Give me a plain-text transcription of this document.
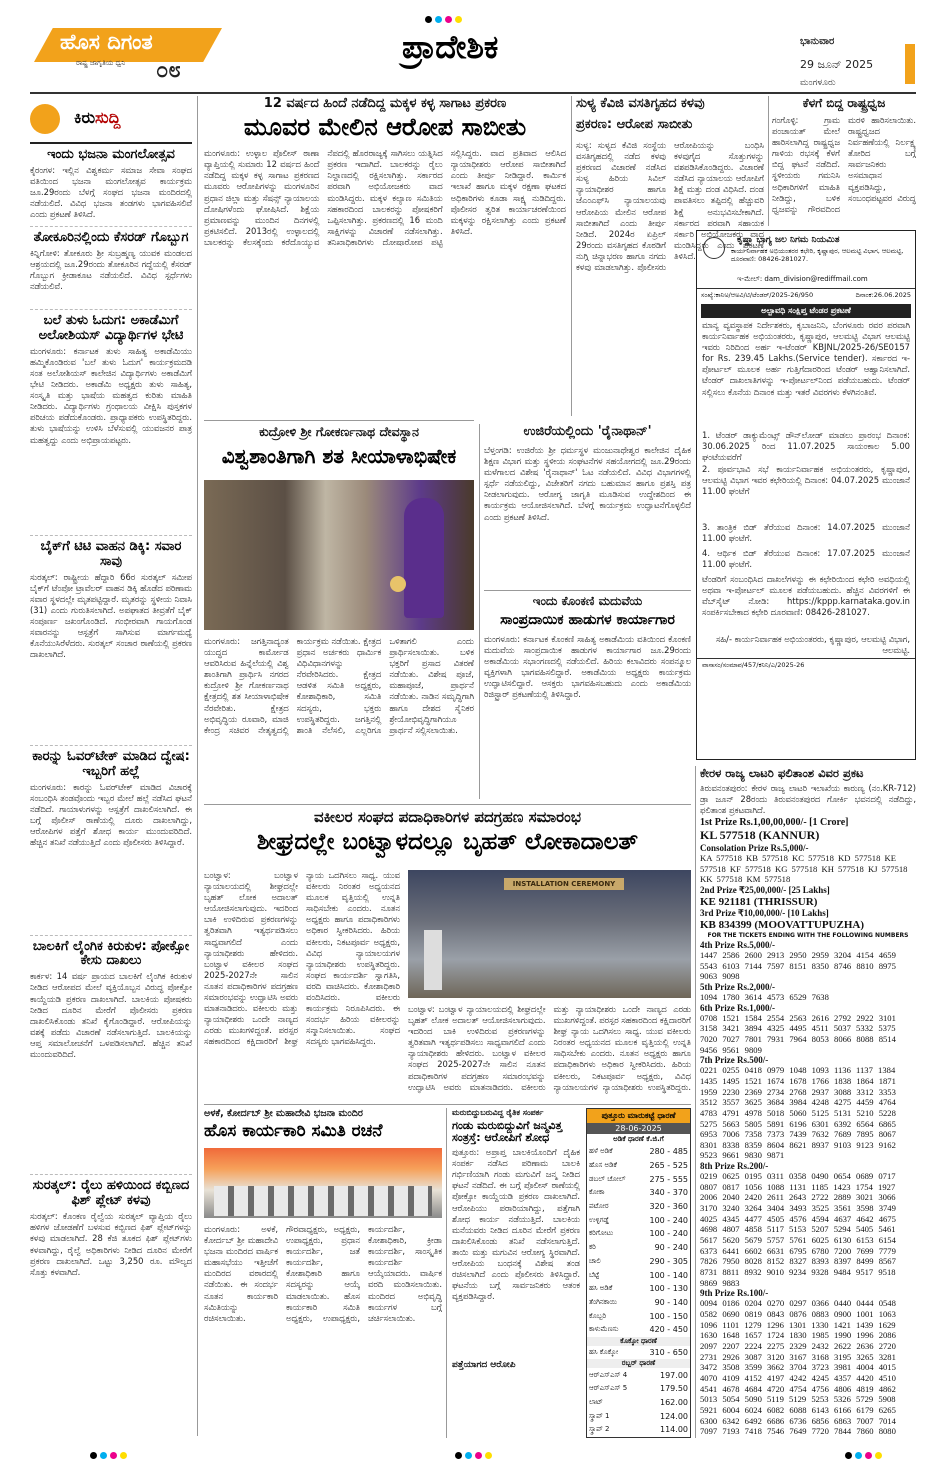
ಹೊಸ ದಿಗಂತ
ರಾಷ್ಟ್ರ ಜಾಗೃತಿಯ ಧ್ವನಿ ೦೮
ಪ್ರಾದೇಶಿಕ	ಭಾನುವಾರ
29 ಜೂನ್ 2025
ಮಂಗಳೂರು
ಕಿರುಸುದ್ದಿ
ಇಂದು ಭಜನಾ ಮಂಗಲೋತ್ಸವ
ಕೈರಂಗಳ: ಇಲ್ಲಿನ ವಿಶ್ವಕರ್ಮ ಸಮಾಜ ಸೇವಾ ಸಂಘದ ವತಿಯಿಂದ ಭಜನಾ ಮಂಗಲೋತ್ಸವ ಕಾರ್ಯಕ್ರಮ ಜೂ.29ರಂದು ಬೆಳಗ್ಗೆ ಸಂಘದ ಭಜನಾ ಮಂದಿರದಲ್ಲಿ ನಡೆಯಲಿದೆ. ವಿವಿಧ ಭಜನಾ ತಂಡಗಳು ಭಾಗವಹಿಸಲಿವೆ ಎಂದು ಪ್ರಕಟಣೆ ತಿಳಿಸಿದೆ.
ತೋಕೂರಿನಲ್ಲಿಂದು ಕೆಸರಡ್ ಗೊಬ್ಬುಗ
ಕಿನ್ನಿಗೋಳಿ: ತೋಕೂರು ಶ್ರೀ ಸುಬ್ರಹ್ಮಣ್ಯ ಯುವಕ ಮಂಡಲದ ಆಶ್ರಯದಲ್ಲಿ ಜೂ.29ರಂದು ತೋಕೂರಿನ ಗದ್ದೆಯಲ್ಲಿ ಕೆಸರಡ್ ಗೊಬ್ಬುಗ ಕ್ರೀಡಾಕೂಟ ನಡೆಯಲಿದೆ. ವಿವಿಧ ಸ್ಪರ್ಧೆಗಳು ನಡೆಯಲಿವೆ.
ಬಲೆ ತುಳು ಓದುಗ: ಅಕಾಡೆಮಿಗೆ ಅಲೋಶಿಯಸ್ ವಿದ್ಯಾರ್ಥಿಗಳ ಭೇಟಿ
ಮಂಗಳೂರು: ಕರ್ನಾಟಕ ತುಳು ಸಾಹಿತ್ಯ ಅಕಾಡೆಮಿಯು ಹಮ್ಮಿಕೊಂಡಿರುವ 'ಬಲೆ ತುಳು ಓದುಗ' ಕಾರ್ಯಕ್ರಮದಡಿ ಸಂತ ಅಲೋಶಿಯಸ್ ಕಾಲೇಜಿನ ವಿದ್ಯಾರ್ಥಿಗಳು ಅಕಾಡೆಮಿಗೆ ಭೇಟಿ ನೀಡಿದರು. ಅಕಾಡೆಮಿ ಅಧ್ಯಕ್ಷರು ತುಳು ಸಾಹಿತ್ಯ, ಸಂಸ್ಕೃತಿ ಮತ್ತು ಭಾಷೆಯ ಮಹತ್ವದ ಕುರಿತು ಮಾಹಿತಿ ನೀಡಿದರು. ವಿದ್ಯಾರ್ಥಿಗಳು ಗ್ರಂಥಾಲಯ ವೀಕ್ಷಿಸಿ ಪುಸ್ತಕಗಳ ಪರಿಚಯ ಪಡೆದುಕೊಂಡರು. ಪ್ರಾಧ್ಯಾಪಕರು ಉಪಸ್ಥಿತರಿದ್ದರು. ತುಳು ಭಾಷೆಯನ್ನು ಉಳಿಸಿ ಬೆಳೆಸುವಲ್ಲಿ ಯುವಜನರ ಪಾತ್ರ ಮಹತ್ವದ್ದು ಎಂದು ಅಭಿಪ್ರಾಯಪಟ್ಟರು.
ಬೈಕ್‌ಗೆ ಟಿಟಿ ವಾಹನ ಡಿಕ್ಕಿ: ಸವಾರ ಸಾವು
ಸುರತ್ಕಲ್: ರಾಷ್ಟ್ರೀಯ ಹೆದ್ದಾರಿ 66ರ ಸುರತ್ಕಲ್ ಸಮೀಪ ಬೈಕ್‌ಗೆ ಟೆಂಪೋ ಟ್ರಾವೆಲರ್ ವಾಹನ ಡಿಕ್ಕಿ ಹೊಡೆದ ಪರಿಣಾಮ ಸವಾರ ಸ್ಥಳದಲ್ಲೇ ಮೃತಪಟ್ಟಿದ್ದಾರೆ. ಮೃತರನ್ನು ಸ್ಥಳೀಯ ನಿವಾಸಿ (31) ಎಂದು ಗುರುತಿಸಲಾಗಿದೆ. ಅಪಘಾತದ ತೀವ್ರತೆಗೆ ಬೈಕ್ ಸಂಪೂರ್ಣ ಜಖಂಗೊಂಡಿದೆ. ಗಂಭೀರವಾಗಿ ಗಾಯಗೊಂಡ ಸವಾರನನ್ನು ಆಸ್ಪತ್ರೆಗೆ ಸಾಗಿಸುವ ಮಾರ್ಗಮಧ್ಯೆ ಕೊನೆಯುಸಿರೆಳೆದರು. ಸುರತ್ಕಲ್ ಸಂಚಾರ ಠಾಣೆಯಲ್ಲಿ ಪ್ರಕರಣ ದಾಖಲಾಗಿದೆ.
ಕಾರನ್ನು ಓವರ್‌ಟೇಕ್ ಮಾಡಿದ ದ್ವೇಷ: ಇಬ್ಬರಿಗೆ ಹಲ್ಲೆ
ಮಂಗಳೂರು: ಕಾರನ್ನು ಓವರ್‌ಟೇಕ್ ಮಾಡಿದ ವಿಚಾರಕ್ಕೆ ಸಂಬಂಧಿಸಿ ತಂಡವೊಂದು ಇಬ್ಬರ ಮೇಲೆ ಹಲ್ಲೆ ನಡೆಸಿದ ಘಟನೆ ನಡೆದಿದೆ. ಗಾಯಾಳುಗಳನ್ನು ಆಸ್ಪತ್ರೆಗೆ ದಾಖಲಿಸಲಾಗಿದೆ. ಈ ಬಗ್ಗೆ ಪೊಲೀಸ್ ಠಾಣೆಯಲ್ಲಿ ದೂರು ದಾಖಲಾಗಿದ್ದು, ಆರೋಪಿಗಳ ಪತ್ತೆಗೆ ಶೋಧ ಕಾರ್ಯ ಮುಂದುವರಿದಿದೆ. ಹೆಚ್ಚಿನ ತನಿಖೆ ನಡೆಯುತ್ತಿದೆ ಎಂದು ಪೊಲೀಸರು ತಿಳಿಸಿದ್ದಾರೆ.
ಬಾಲಕಿಗೆ ಲೈಂಗಿಕ ಕಿರುಕುಳ: ಪೋಕ್ಸೋ ಕೇಸು ದಾಖಲು
ಕಾರ್ಕಳ: 14 ವರ್ಷ ಪ್ರಾಯದ ಬಾಲಕಿಗೆ ಲೈಂಗಿಕ ಕಿರುಕುಳ ನೀಡಿದ ಆರೋಪದ ಮೇಲೆ ವ್ಯಕ್ತಿಯೊಬ್ಬನ ವಿರುದ್ಧ ಪೋಕ್ಸೋ ಕಾಯ್ದೆಯಡಿ ಪ್ರಕರಣ ದಾಖಲಾಗಿದೆ. ಬಾಲಕಿಯ ಪೋಷಕರು ನೀಡಿದ ದೂರಿನ ಮೇರೆಗೆ ಪೊಲೀಸರು ಪ್ರಕರಣ ದಾಖಲಿಸಿಕೊಂಡು ತನಿಖೆ ಕೈಗೊಂಡಿದ್ದಾರೆ. ಆರೋಪಿಯನ್ನು ವಶಕ್ಕೆ ಪಡೆದು ವಿಚಾರಣೆ ನಡೆಸಲಾಗುತ್ತಿದೆ. ಬಾಲಕಿಯನ್ನು ಆಪ್ತ ಸಮಾಲೋಚನೆಗೆ ಒಳಪಡಿಸಲಾಗಿದೆ. ಹೆಚ್ಚಿನ ತನಿಖೆ ಮುಂದುವರಿದಿದೆ.
ಸುರತ್ಕಲ್: ರೈಲು ಹಳಿಯಿಂದ ಕಬ್ಬಿಣದ ಫಿಶ್ ಪ್ಲೇಟ್ ಕಳವು
ಸುರತ್ಕಲ್: ಕೊಂಕಣ ರೈಲ್ವೆಯ ಸುರತ್ಕಲ್ ವ್ಯಾಪ್ತಿಯ ರೈಲು ಹಳಿಗಳ ಜೋಡಣೆಗೆ ಬಳಸುವ ಕಬ್ಬಿಣದ ಫಿಶ್ ಪ್ಲೇಟ್‌ಗಳನ್ನು ಕಳವು ಮಾಡಲಾಗಿದೆ. 28 ಕೆಜಿ ತೂಕದ ಫಿಶ್ ಪ್ಲೇಟ್‌ಗಳು ಕಳವಾಗಿದ್ದು, ರೈಲ್ವೆ ಅಧಿಕಾರಿಗಳು ನೀಡಿದ ದೂರಿನ ಮೇರೆಗೆ ಪ್ರಕರಣ ದಾಖಲಾಗಿದೆ. ಒಟ್ಟು 3,250 ರೂ. ಮೌಲ್ಯದ ಸೊತ್ತು ಕಳವಾಗಿದೆ.
12 ವರ್ಷದ ಹಿಂದೆ ನಡೆದಿದ್ದ ಮಕ್ಕಳ ಕಳ್ಳ ಸಾಗಾಟ ಪ್ರಕರಣ
ಮೂವರ ಮೇಲಿನ ಆರೋಪ ಸಾಬೀತು
ಮಂಗಳೂರು: ಉಳ್ಳಾಲ ಪೊಲೀಸ್ ಠಾಣಾ ವ್ಯಾಪ್ತಿಯಲ್ಲಿ ಸುಮಾರು 12 ವರ್ಷದ ಹಿಂದೆ ನಡೆದಿದ್ದ ಮಕ್ಕಳ ಕಳ್ಳ ಸಾಗಾಟ ಪ್ರಕರಣದ ಮೂವರು ಆರೋಪಿಗಳನ್ನು ಮಂಗಳೂರಿನ ಪ್ರಧಾನ ಜಿಲ್ಲಾ ಮತ್ತು ಸೆಷನ್ಸ್ ನ್ಯಾಯಾಲಯ ದೋಷಿಗಳೆಂದು ಘೋಷಿಸಿದೆ. ಶಿಕ್ಷೆಯ ಪ್ರಮಾಣವನ್ನು ಮುಂದಿನ ದಿನಗಳಲ್ಲಿ ಪ್ರಕಟಿಸಲಿದೆ. 2013ರಲ್ಲಿ ಉಳ್ಳಾಲದಲ್ಲಿ ಬಾಲಕರನ್ನು ಕೆಲಸಕ್ಕೆಂದು ಕರೆದೊಯ್ಯುವ ನೆಪದಲ್ಲಿ ಹೊರರಾಜ್ಯಕ್ಕೆ ಸಾಗಿಸಲು ಯತ್ನಿಸಿದ ಪ್ರಕರಣ ಇದಾಗಿದೆ. ಬಾಲಕರನ್ನು ರೈಲು ನಿಲ್ದಾಣದಲ್ಲಿ ರಕ್ಷಿಸಲಾಗಿತ್ತು. ಸರ್ಕಾರದ ಪರವಾಗಿ ಅಭಿಯೋಜಕರು ವಾದ ಮಂಡಿಸಿದ್ದರು. ಮಕ್ಕಳ ಕಲ್ಯಾಣ ಸಮಿತಿಯ ಸಹಕಾರದಿಂದ ಬಾಲಕರನ್ನು ಪೋಷಕರಿಗೆ ಒಪ್ಪಿಸಲಾಗಿತ್ತು. ಪ್ರಕರಣದಲ್ಲಿ 16 ಮಂದಿ ಸಾಕ್ಷಿಗಳನ್ನು ವಿಚಾರಣೆ ನಡೆಸಲಾಗಿತ್ತು. ತನಿಖಾಧಿಕಾರಿಗಳು ದೋಷಾರೋಪ ಪಟ್ಟಿ ಸಲ್ಲಿಸಿದ್ದರು. ವಾದ ಪ್ರತಿವಾದ ಆಲಿಸಿದ ನ್ಯಾಯಾಧೀಶರು ಆರೋಪ ಸಾಬೀತಾಗಿದೆ ಎಂದು ತೀರ್ಪು ನೀಡಿದ್ದಾರೆ. ಕಾರ್ಮಿಕ ಇಲಾಖೆ ಹಾಗೂ ಮಕ್ಕಳ ರಕ್ಷಣಾ ಘಟಕದ ಅಧಿಕಾರಿಗಳು ಕೂಡಾ ಸಾಕ್ಷ್ಯ ನುಡಿದಿದ್ದರು. ಪೊಲೀಸರ ತ್ವರಿತ ಕಾರ್ಯಾಚರಣೆಯಿಂದ ಮಕ್ಕಳನ್ನು ರಕ್ಷಿಸಲಾಗಿತ್ತು ಎಂದು ಪ್ರಕಟಣೆ ತಿಳಿಸಿದೆ.
ಸುಳ್ಯ ಕೆವಿಜಿ ವಸತಿಗೃಹದ ಕಳವು
ಪ್ರಕರಣ: ಆರೋಪ ಸಾಬೀತು
ಸುಳ್ಯ: ಸುಳ್ಯದ ಕೆವಿಜಿ ಸಂಸ್ಥೆಯ ವಸತಿಗೃಹದಲ್ಲಿ ನಡೆದ ಕಳವು ಪ್ರಕರಣದ ವಿಚಾರಣೆ ನಡೆಸಿದ ಸುಳ್ಯ ಹಿರಿಯ ಸಿವಿಲ್ ನ್ಯಾಯಾಧೀಶರ ಹಾಗೂ ಜೆಎಂಎಫ್‌ಸಿ ನ್ಯಾಯಾಲಯವು ಆರೋಪಿಯ ಮೇಲಿನ ಆರೋಪ ಸಾಬೀತಾಗಿದೆ ಎಂದು ತೀರ್ಪು ನೀಡಿದೆ. 2024ರ ಏಪ್ರಿಲ್ 29ರಂದು ವಸತಿಗೃಹದ ಕೊಠಡಿಗೆ ನುಗ್ಗಿ ಚಿನ್ನಾಭರಣ ಹಾಗೂ ನಗದು ಕಳವು ಮಾಡಲಾಗಿತ್ತು. ಪೊಲೀಸರು ಆರೋಪಿಯನ್ನು ಬಂಧಿಸಿ ಕಳವುಗೈದ ಸೊತ್ತುಗಳನ್ನು ವಶಪಡಿಸಿಕೊಂಡಿದ್ದರು. ವಿಚಾರಣೆ ನಡೆಸಿದ ನ್ಯಾಯಾಲಯ ಆರೋಪಿಗೆ ಶಿಕ್ಷೆ ಮತ್ತು ದಂಡ ವಿಧಿಸಿದೆ. ದಂಡ ಪಾವತಿಸಲು ತಪ್ಪಿದಲ್ಲಿ ಹೆಚ್ಚುವರಿ ಶಿಕ್ಷೆ ಅನುಭವಿಸಬೇಕಾಗಿದೆ. ಸರ್ಕಾರದ ಪರವಾಗಿ ಸಹಾಯಕ ಸರ್ಕಾರಿ ಅಭಿಯೋಜಕರು ವಾದ ಮಂಡಿಸಿದ್ದರು ಎಂದು ಪ್ರಕಟಣೆ ತಿಳಿಸಿದೆ.
ಕೆಳಗೆ ಬಿದ್ದ ರಾಷ್ಟ್ರಧ್ವಜ
ಗಂಗೊಳ್ಳಿ: ಗ್ರಾಮ ಪಂಚಾಯತ್ ಮೇಲೆ ಹಾರಿಸಲಾಗಿದ್ದ ರಾಷ್ಟ್ರಧ್ವಜ ಗಾಳಿಯ ರಭಸಕ್ಕೆ ಕೆಳಗೆ ಬಿದ್ದ ಘಟನೆ ನಡೆದಿದೆ. ಸ್ಥಳೀಯರು ಗಮನಿಸಿ ಅಧಿಕಾರಿಗಳಿಗೆ ಮಾಹಿತಿ ನೀಡಿದ್ದು, ಬಳಿಕ ಧ್ವಜವನ್ನು ಗೌರವದಿಂದ ಮರಳಿ ಹಾರಿಸಲಾಯಿತು. ರಾಷ್ಟ್ರಧ್ವಜದ ನಿರ್ವಹಣೆಯಲ್ಲಿ ನಿರ್ಲಕ್ಷ್ಯ ತೋರಿದ ಬಗ್ಗೆ ಸಾರ್ವಜನಿಕರು ಅಸಮಾಧಾನ ವ್ಯಕ್ತಪಡಿಸಿದ್ದು, ಸಂಬಂಧಪಟ್ಟವರ ವಿರುದ್ಧ
ಕೃಷ್ಣಾ ಭಾಗ್ಯ ಜಲ ನಿಗಮ ನಿಯಮಿತ
ಕಾರ್ಯನಿರ್ವಾಹಕ ಅಭಿಯಂತರರ ಕಛೇರಿ, ಕೃಷ್ಣಾಪುರ, ಆಲಮಟ್ಟಿ ವಿಭಾಗ, ಆಲಮಟ್ಟಿ, ದೂರವಾಣಿ: 08426-281027.
ಇ-ಮೇಲ್: dam_division@rediffmail.com
ಸಂಖ್ಯೆ:ಕಾನಿಅ/ಆಅವಿ/ಟಿ/ಟೆಂಡರ್/2025-26/950	ದಿನಾಂಕ:26.06.2025
ಅಲ್ಪಾವಧಿ ಸಂಕ್ಷಿಪ್ತ ಟೆಂಡರ ಪ್ರಕಟಣೆ
ಮಾನ್ಯ ವ್ಯವಸ್ಥಾಪಕ ನಿರ್ದೇಶಕರು, ಕೃಬಾಜನಿನಿ, ಬೆಂಗಳೂರು ರವರ ಪರವಾಗಿ ಕಾರ್ಯನಿರ್ವಾಹಕ ಅಭಿಯಂತರರು, ಕೃಷ್ಣಾಪುರ, ಆಲಮಟ್ಟಿ ವಿಭಾಗ ಆಲಮಟ್ಟಿ ಇವರು ನಿರಿದಿಂದ ಅರ್ಹ ಇ-ಟೆಂಡರ್ KBJNL/2025-26/SE0157 for Rs. 239.45 Lakhs.(Service tender). ಸರ್ಕಾರದ ಇ-ಪೋರ್ಟಲ್ ಮೂಲಕ ಅರ್ಹ ಗುತ್ತಿಗೆದಾರರಿಂದ ಟೆಂಡರ್ ಆಹ್ವಾನಿಸಲಾಗಿದೆ. ಟೆಂಡರ್ ದಾಖಲಾತಿಗಳನ್ನು ಇ-ಪೋರ್ಟಲ್‌ನಿಂದ ಪಡೆಯಬಹುದು. ಟೆಂಡರ್ ಸಲ್ಲಿಸಲು ಕೊನೆಯ ದಿನಾಂಕ ಮತ್ತು ಇತರೆ ವಿವರಗಳು ಕೆಳಗಿನಂತಿವೆ.
1. ಟೆಂಡರ್ ಡಾಕ್ಯುಮೆಂಟ್ಸ್ ಡೌನ್‌ಲೋಡ್ ಮಾಡಲು ಪ್ರಾರಂಭ ದಿನಾಂಕ: 30.06.2025 ರಿಂದ 11.07.2025 ಸಾಯಂಕಾಲ 5.00 ಘಂಟೆಯವರೆಗೆ
2. ಪೂರ್ವಭಾವಿ ಸಭೆ ಕಾರ್ಯನಿರ್ವಾಹಕ ಅಭಿಯಂತರರು, ಕೃಷ್ಣಾಪುರ, ಆಲಮಟ್ಟಿ ವಿಭಾಗ ಇವರ ಕಛೇರಿಯಲ್ಲಿ ದಿನಾಂಕ: 04.07.2025 ಮುಂಜಾನೆ 11.00 ಘಂಟೆಗೆ
3. ತಾಂತ್ರಿಕ ಬಿಡ್ ತೆರೆಯುವ ದಿನಾಂಕ: 14.07.2025 ಮುಂಜಾನೆ 11.00 ಘಂಟೆಗೆ.
4. ಆರ್ಥಿಕ ಬಿಡ್ ತೆರೆಯುವ ದಿನಾಂಕ: 17.07.2025 ಮುಂಜಾನೆ 11.00 ಘಂಟೆಗೆ.
ಟೆಂಡರಿಗೆ ಸಂಬಂಧಿಸಿದ ದಾಖಲೆಗಳನ್ನು ಈ ಕಛೇರಿಯಿಂದ ಕಛೇರಿ ಅವಧಿಯಲ್ಲಿ ಅಥವಾ ಇ-ಪೋರ್ಟಲ್ ಮೂಲಕ ಪಡೆಯಬಹುದು. ಹೆಚ್ಚಿನ ವಿವರಗಳಿಗೆ ಈ ವೆಬ್‌ಸೈಟ್ ನೋಡಿ: https://kppp.karnataka.gov.in ಸಂಪರ್ಕಿಸಬೇಕಾದ ಕಛೇರಿ ದೂರವಾಣಿ: 08426-281027.
ಸಹಿ/- ಕಾರ್ಯನಿರ್ವಾಹಕ ಅಭಿಯಂತರರು, ಕೃಷ್ಣಾಪುರ, ಆಲಮಟ್ಟಿ ವಿಭಾಗ, ಆಲಮಟ್ಟಿ.
ವಾಸಾಸಂ/ಸಂಮಾಪ/457/ಕನಿನಿ/ಎ/2025-26
ಕುದ್ರೋಳಿ ಶ್ರೀ ಗೋಕರ್ಣನಾಥ ದೇವಸ್ಥಾನ
ವಿಶ್ವಶಾಂತಿಗಾಗಿ ಶತ ಸೀಯಾಳಾಭಿಷೇಕ
ಮಂಗಳೂರು: ಜಗತ್ತಿನಾದ್ಯಂತ ಯುದ್ಧದ ಕಾರ್ಮೋಡ ಆವರಿಸಿರುವ ಹಿನ್ನೆಲೆಯಲ್ಲಿ ವಿಶ್ವ ಶಾಂತಿಗಾಗಿ ಪ್ರಾರ್ಥಿಸಿ ನಗರದ ಕುದ್ರೋಳಿ ಶ್ರೀ ಗೋಕರ್ಣನಾಥ ಕ್ಷೇತ್ರದಲ್ಲಿ ಶತ ಸೀಯಾಳಾಭಿಷೇಕ ನೆರವೇರಿತು. ಕ್ಷೇತ್ರದ ಅಭಿವೃದ್ಧಿಯ ರೂವಾರಿ, ಮಾಜಿ ಕೇಂದ್ರ ಸಚಿವರ ನೇತೃತ್ವದಲ್ಲಿ ಕಾರ್ಯಕ್ರಮ ನಡೆಯಿತು. ಕ್ಷೇತ್ರದ ಪ್ರಧಾನ ಅರ್ಚಕರು ಧಾರ್ಮಿಕ ವಿಧಿವಿಧಾನಗಳನ್ನು ನೆರವೇರಿಸಿದರು. ಕ್ಷೇತ್ರದ ಆಡಳಿತ ಸಮಿತಿ ಅಧ್ಯಕ್ಷರು, ಕೋಶಾಧಿಕಾರಿ, ಸಮಿತಿ ಸದಸ್ಯರು, ಭಕ್ತರು ಉಪಸ್ಥಿತರಿದ್ದರು. ಜಗತ್ತಿನಲ್ಲಿ ಶಾಂತಿ ನೆಲೆಸಲಿ, ಎಲ್ಲರಿಗೂ ಒಳಿತಾಗಲಿ ಎಂದು ಪ್ರಾರ್ಥಿಸಲಾಯಿತು. ಬಳಿಕ ಭಕ್ತರಿಗೆ ಪ್ರಸಾದ ವಿತರಣೆ ನಡೆಯಿತು. ವಿಶೇಷ ಪೂಜೆ, ಮಹಾಪೂಜೆ, ಪ್ರಾರ್ಥನೆ ನಡೆಯಿತು. ನಾಡಿನ ಸಮೃದ್ಧಿಗಾಗಿ ಹಾಗೂ ದೇಶದ ಸೈನಿಕರ ಶ್ರೇಯೋಭಿವೃದ್ಧಿಗಾಗಿಯೂ ಪ್ರಾರ್ಥನೆ ಸಲ್ಲಿಸಲಾಯಿತು.
ಉಜಿರೆಯಲ್ಲಿಂದು 'ರೈನಾಥಾನ್'
ಬೆಳ್ತಂಗಡಿ: ಉಜಿರೆಯ ಶ್ರೀ ಧರ್ಮಸ್ಥಳ ಮಂಜುನಾಥೇಶ್ವರ ಕಾಲೇಜಿನ ದೈಹಿಕ ಶಿಕ್ಷಣ ವಿಭಾಗ ಮತ್ತು ಸ್ಥಳೀಯ ಸಂಘಟನೆಗಳ ಸಹಯೋಗದಲ್ಲಿ ಜೂ.29ರಂದು ಮಳೆಗಾಲದ ವಿಶೇಷ 'ರೈನಾಥಾನ್' ಓಟ ನಡೆಯಲಿದೆ. ವಿವಿಧ ವಿಭಾಗಗಳಲ್ಲಿ ಸ್ಪರ್ಧೆ ನಡೆಯಲಿದ್ದು, ವಿಜೇತರಿಗೆ ನಗದು ಬಹುಮಾನ ಹಾಗೂ ಪ್ರಶಸ್ತಿ ಪತ್ರ ನೀಡಲಾಗುವುದು. ಆರೋಗ್ಯ ಜಾಗೃತಿ ಮೂಡಿಸುವ ಉದ್ದೇಶದಿಂದ ಈ ಕಾರ್ಯಕ್ರಮ ಆಯೋಜಿಸಲಾಗಿದೆ. ಬೆಳಗ್ಗೆ ಕಾರ್ಯಕ್ರಮ ಉದ್ಘಾಟನೆಗೊಳ್ಳಲಿದೆ ಎಂದು ಪ್ರಕಟಣೆ ತಿಳಿಸಿದೆ.
ಇಂದು ಕೊಂಕಣಿ ಮದುವೆಯ
ಸಾಂಪ್ರದಾಯಿಕ ಹಾಡುಗಳ ಕಾರ್ಯಾಗಾರ
ಮಂಗಳೂರು: ಕರ್ನಾಟಕ ಕೊಂಕಣಿ ಸಾಹಿತ್ಯ ಅಕಾಡೆಮಿಯ ವತಿಯಿಂದ ಕೊಂಕಣಿ ಮದುವೆಯ ಸಾಂಪ್ರದಾಯಿಕ ಹಾಡುಗಳ ಕಾರ್ಯಾಗಾರ ಜೂ.29ರಂದು ಅಕಾಡೆಮಿಯ ಸಭಾಂಗಣದಲ್ಲಿ ನಡೆಯಲಿದೆ. ಹಿರಿಯ ಕಲಾವಿದರು ಸಂಪನ್ಮೂಲ ವ್ಯಕ್ತಿಗಳಾಗಿ ಭಾಗವಹಿಸಲಿದ್ದಾರೆ. ಅಕಾಡೆಮಿಯ ಅಧ್ಯಕ್ಷರು ಕಾರ್ಯಕ್ರಮ ಉದ್ಘಾಟಿಸಲಿದ್ದಾರೆ. ಆಸಕ್ತರು ಭಾಗವಹಿಸಬಹುದು ಎಂದು ಅಕಾಡೆಮಿಯ ರಿಜಿಸ್ಟ್ರಾರ್ ಪ್ರಕಟಣೆಯಲ್ಲಿ ತಿಳಿಸಿದ್ದಾರೆ.
ವಕೀಲರ ಸಂಘದ ಪದಾಧಿಕಾರಿಗಳ ಪದಗ್ರಹಣ ಸಮಾರಂಭ
ಶೀಘ್ರದಲ್ಲೇ ಬಂಟ್ವಾಳದಲ್ಲೂ ಬೃಹತ್ ಲೋಕಾದಾಲತ್
ಬಂಟ್ವಾಳ: ಬಂಟ್ವಾಳ ನ್ಯಾಯಾಲಯದಲ್ಲಿ ಶೀಘ್ರದಲ್ಲೇ ಬೃಹತ್ ಲೋಕ ಅದಾಲತ್ ಆಯೋಜಿಸಲಾಗುವುದು. ಇದರಿಂದ ಬಾಕಿ ಉಳಿದಿರುವ ಪ್ರಕರಣಗಳನ್ನು ತ್ವರಿತವಾಗಿ ಇತ್ಯರ್ಥಪಡಿಸಲು ಸಾಧ್ಯವಾಗಲಿದೆ ಎಂದು ನ್ಯಾಯಾಧೀಶರು ಹೇಳಿದರು. ಬಂಟ್ವಾಳ ವಕೀಲರ ಸಂಘದ 2025-2027ನೇ ಸಾಲಿನ ನೂತನ ಪದಾಧಿಕಾರಿಗಳ ಪದಗ್ರಹಣ ಸಮಾರಂಭವನ್ನು ಉದ್ಘಾಟಿಸಿ ಅವರು ಮಾತನಾಡಿದರು. ವಕೀಲರು ಮತ್ತು ನ್ಯಾಯಾಧೀಶರು ಒಂದೇ ನಾಣ್ಯದ ಎರಡು ಮುಖಗಳಿದ್ದಂತೆ. ಪರಸ್ಪರ ಸಹಕಾರದಿಂದ ಕಕ್ಷಿದಾರರಿಗೆ ಶೀಘ್ರ ನ್ಯಾಯ ಒದಗಿಸಲು ಸಾಧ್ಯ. ಯುವ ವಕೀಲರು ನಿರಂತರ ಅಧ್ಯಯನದ ಮೂಲಕ ವೃತ್ತಿಯಲ್ಲಿ ಉನ್ನತಿ ಸಾಧಿಸಬೇಕು ಎಂದರು. ನೂತನ ಅಧ್ಯಕ್ಷರು ಹಾಗೂ ಪದಾಧಿಕಾರಿಗಳು ಅಧಿಕಾರ ಸ್ವೀಕರಿಸಿದರು. ಹಿರಿಯ ವಕೀಲರು, ನಿಕಟಪೂರ್ವ ಅಧ್ಯಕ್ಷರು, ವಿವಿಧ ನ್ಯಾಯಾಲಯಗಳ ನ್ಯಾಯಾಧೀಶರು ಉಪಸ್ಥಿತರಿದ್ದರು. ಸಂಘದ ಕಾರ್ಯದರ್ಶಿ ಸ್ವಾಗತಿಸಿ, ವರದಿ ವಾಚಿಸಿದರು. ಕೋಶಾಧಿಕಾರಿ ವಂದಿಸಿದರು. ವಕೀಲರು ಕಾರ್ಯಕ್ರಮ ನಿರೂಪಿಸಿದರು. ಈ ಸಂದರ್ಭ ಹಿರಿಯ ವಕೀಲರನ್ನು ಸನ್ಮಾನಿಸಲಾಯಿತು. ಸಂಘದ ಸದಸ್ಯರು ಭಾಗವಹಿಸಿದ್ದರು.
INSTALLATION CEREMONY
ಬಂಟ್ವಾಳ: ಬಂಟ್ವಾಳ ನ್ಯಾಯಾಲಯದಲ್ಲಿ ಶೀಘ್ರದಲ್ಲೇ ಬೃಹತ್ ಲೋಕ ಅದಾಲತ್ ಆಯೋಜಿಸಲಾಗುವುದು. ಇದರಿಂದ ಬಾಕಿ ಉಳಿದಿರುವ ಪ್ರಕರಣಗಳನ್ನು ತ್ವರಿತವಾಗಿ ಇತ್ಯರ್ಥಪಡಿಸಲು ಸಾಧ್ಯವಾಗಲಿದೆ ಎಂದು ನ್ಯಾಯಾಧೀಶರು ಹೇಳಿದರು. ಬಂಟ್ವಾಳ ವಕೀಲರ ಸಂಘದ 2025-2027ನೇ ಸಾಲಿನ ನೂತನ ಪದಾಧಿಕಾರಿಗಳ ಪದಗ್ರಹಣ ಸಮಾರಂಭವನ್ನು ಉದ್ಘಾಟಿಸಿ ಅವರು ಮಾತನಾಡಿದರು. ವಕೀಲರು ಮತ್ತು ನ್ಯಾಯಾಧೀಶರು ಒಂದೇ ನಾಣ್ಯದ ಎರಡು ಮುಖಗಳಿದ್ದಂತೆ. ಪರಸ್ಪರ ಸಹಕಾರದಿಂದ ಕಕ್ಷಿದಾರರಿಗೆ ಶೀಘ್ರ ನ್ಯಾಯ ಒದಗಿಸಲು ಸಾಧ್ಯ. ಯುವ ವಕೀಲರು ನಿರಂತರ ಅಧ್ಯಯನದ ಮೂಲಕ ವೃತ್ತಿಯಲ್ಲಿ ಉನ್ನತಿ ಸಾಧಿಸಬೇಕು ಎಂದರು. ನೂತನ ಅಧ್ಯಕ್ಷರು ಹಾಗೂ ಪದಾಧಿಕಾರಿಗಳು ಅಧಿಕಾರ ಸ್ವೀಕರಿಸಿದರು. ಹಿರಿಯ ವಕೀಲರು, ನಿಕಟಪೂರ್ವ ಅಧ್ಯಕ್ಷರು, ವಿವಿಧ ನ್ಯಾಯಾಲಯಗಳ ನ್ಯಾಯಾಧೀಶರು ಉಪಸ್ಥಿತರಿದ್ದರು.
ಕೇರಳ ರಾಜ್ಯ ಲಾಟರಿ ಫಲಿತಾಂಶ ವಿವರ ಪ್ರಕಟ
ತಿರುವನಂತಪುರಂ: ಕೇರಳ ರಾಜ್ಯ ಲಾಟರಿ ಇಲಾಖೆಯ ಕಾರುಣ್ಯ (ನಂ.KR-712) ಡ್ರಾ ಜೂನ್ 28ರಂದು ತಿರುವನಂತಪುರದ ಗೋರ್ಕಿ ಭವನದಲ್ಲಿ ನಡೆದಿದ್ದು, ಫಲಿತಾಂಶ ಪ್ರಕಟವಾಗಿದೆ.
1st Prize Rs.1,00,00,000/- [1 Crore]
KL 577518 (KANNUR)
Consolation Prize Rs.5,000/-
KA 577518 KB 577518 KC 577518 KD 577518 KE 577518 KF 577518 KG 577518 KH 577518 KJ 577518 KK 577518 KM 577518
2nd Prize ₹25,00,000/- [25 Lakhs]
KE 921181 (THRISSUR)
3rd Prize ₹10,00,000/- [10 Lakhs]
KB 834399 (MOOVATTUPUZHA)
FOR THE TICKETS ENDING WITH THE FOLLOWING NUMBERS
4th Prize Rs.5,000/-
1447 2586 2600 2913 2950 2959 3204 4154 4659 5543 6103 7144 7597 8151 8350 8746 8810 8975 9063 9098
5th Prize Rs.2,000/-
1094 1780 3614 4573 6529 7638
6th Prize Rs.1,000/-
0708 1521 1584 2554 2563 2616 2792 2922 3101 3158 3421 3894 4325 4495 4511 5037 5332 5375 7020 7027 7801 7931 7964 8053 8066 8088 8514 9456 9561 9809
7th Prize Rs.500/-
0221 0255 0418 0979 1048 1093 1136 1137 1384 1435 1495 1521 1674 1678 1766 1838 1864 1871 1959 2230 2369 2734 2768 2937 3088 3312 3353 3512 3557 3625 3684 3984 4248 4275 4459 4764 4783 4791 4978 5018 5060 5125 5131 5210 5228 5275 5663 5805 5891 6196 6301 6392 6564 6865 6953 7006 7358 7373 7439 7632 7689 7895 8067 8301 8338 8359 8604 8621 8937 9103 9123 9162 9523 9661 9830 9871
8th Prize Rs.200/-
0219 0625 0195 0311 0358 0490 0654 0689 0717 0807 0817 1056 1088 1131 1185 1423 1754 1927 2006 2040 2420 2611 2643 2722 2889 3021 3066 3170 3240 3264 3404 3493 3525 3561 3598 3749 4025 4345 4477 4505 4576 4594 4637 4642 4675 4698 4807 4858 5117 5153 5207 5294 5405 5461 5617 5620 5679 5757 5761 6025 6130 6153 6154 6373 6441 6602 6631 6795 6780 7200 7699 7779 7826 7950 8028 8152 8327 8393 8397 8499 8567 8731 8811 8932 9010 9234 9328 9484 9517 9518 9869 9883
9th Prize Rs.100/-
0094 0186 0204 0270 0297 0366 0440 0444 0548 0582 0690 0819 0843 0876 0883 0900 1001 1063 1096 1101 1279 1296 1301 1330 1421 1439 1629 1630 1648 1657 1724 1830 1985 1990 1996 2086 2097 2207 2224 2275 2329 2432 2622 2636 2720 2731 2926 3087 3120 3167 3168 3195 3265 3281 3472 3508 3599 3662 3704 3723 3981 4004 4015 4070 4109 4152 4197 4242 4245 4357 4420 4510 4541 4678 4684 4720 4754 4756 4806 4819 4862 5013 5054 5090 5119 5129 5253 5326 5729 5908 5921 6004 6024 6082 6088 6143 6166 6179 6265 6300 6342 6492 6686 6736 6856 6863 7007 7014 7097 7193 7418 7546 7649 7720 7844 7860 8080
ಅಳಕೆ, ಕೋರ್ದಬ್ ಶ್ರೀ ಮಹಾದೇವಿ ಭಜನಾ ಮಂದಿರ
ಹೊಸ ಕಾರ್ಯಕಾರಿ ಸಮಿತಿ ರಚನೆ
ಮಂಗಳೂರು: ಅಳಕೆ, ಕೋರ್ದಬ್ ಶ್ರೀ ಮಹಾದೇವಿ ಭಜನಾ ಮಂದಿರದ ವಾರ್ಷಿಕ ಮಹಾಸಭೆಯು ಇತ್ತೀಚೆಗೆ ಮಂದಿರದ ವಠಾರದಲ್ಲಿ ನಡೆಯಿತು. ಈ ಸಂದರ್ಭ ನೂತನ ಕಾರ್ಯಕಾರಿ ಸಮಿತಿಯನ್ನು ರಚಿಸಲಾಯಿತು. ಗೌರವಾಧ್ಯಕ್ಷರು, ಅಧ್ಯಕ್ಷರು, ಉಪಾಧ್ಯಕ್ಷರು, ಪ್ರಧಾನ ಕಾರ್ಯದರ್ಶಿ, ಜತೆ ಕಾರ್ಯದರ್ಶಿ, ಕೋಶಾಧಿಕಾರಿ ಹಾಗೂ ಸದಸ್ಯರನ್ನು ಆಯ್ಕೆ ಮಾಡಲಾಯಿತು. ಹೊಸ ಕಾರ್ಯಕಾರಿ ಸಮಿತಿ ಅಧ್ಯಕ್ಷರು, ಉಪಾಧ್ಯಕ್ಷರು, ಕಾರ್ಯದರ್ಶಿ, ಕೋಶಾಧಿಕಾರಿ, ಕ್ರೀಡಾ ಕಾರ್ಯದರ್ಶಿ, ಸಾಂಸ್ಕೃತಿಕ ಕಾರ್ಯದರ್ಶಿ ಆಯ್ಕೆಯಾದರು. ವಾರ್ಷಿಕ ವರದಿ ಮಂಡಿಸಲಾಯಿತು. ಮಂದಿರದ ಅಭಿವೃದ್ಧಿ ಕಾರ್ಯಗಳ ಬಗ್ಗೆ ಚರ್ಚಿಸಲಾಯಿತು.
ಮರುಬಿದ್ದುಬರುವಿದ್ದ ರೈತಿಕ ಸಂಪರ್ಕ
ಗಂಡು ಮರುಬಿದ್ದುವಿಗೆ ಜನ್ಮವಿತ್ತ ಸಂತ್ರಸ್ತೆ: ಆರೋಪಿಗೆ ಶೋಧ
ಪುತ್ತೂರು: ಅಪ್ರಾಪ್ತ ಬಾಲಕಿಯೊಂದಿಗೆ ದೈಹಿಕ ಸಂಪರ್ಕ ನಡೆಸಿದ ಪರಿಣಾಮ ಬಾಲಕಿ ಗರ್ಭಿಣಿಯಾಗಿ ಗಂಡು ಮಗುವಿಗೆ ಜನ್ಮ ನೀಡಿದ ಘಟನೆ ನಡೆದಿದೆ. ಈ ಬಗ್ಗೆ ಪೊಲೀಸ್ ಠಾಣೆಯಲ್ಲಿ ಪೋಕ್ಸೋ ಕಾಯ್ದೆಯಡಿ ಪ್ರಕರಣ ದಾಖಲಾಗಿದೆ. ಆರೋಪಿಯು ಪರಾರಿಯಾಗಿದ್ದು, ಪತ್ತೆಗಾಗಿ ಶೋಧ ಕಾರ್ಯ ನಡೆಯುತ್ತಿದೆ. ಬಾಲಕಿಯ ಮನೆಯವರು ನೀಡಿದ ದೂರಿನ ಮೇರೆಗೆ ಪ್ರಕರಣ ದಾಖಲಿಸಿಕೊಂಡು ತನಿಖೆ ನಡೆಸಲಾಗುತ್ತಿದೆ. ತಾಯಿ ಮತ್ತು ಮಗುವಿನ ಆರೋಗ್ಯ ಸ್ಥಿರವಾಗಿದೆ. ಆರೋಪಿಯ ಬಂಧನಕ್ಕೆ ವಿಶೇಷ ತಂಡ ರಚಿಸಲಾಗಿದೆ ಎಂದು ಪೊಲೀಸರು ತಿಳಿಸಿದ್ದಾರೆ. ಘಟನೆಯ ಬಗ್ಗೆ ಸಾರ್ವಜನಿಕರು ಆತಂಕ ವ್ಯಕ್ತಪಡಿಸಿದ್ದಾರೆ.
ಪತ್ತೆಯಾಗದ ಆರೋಪಿ
ಪುತ್ತೂರು ಮಾರುಕಟ್ಟೆ ಧಾರಣೆ
28-06-2025
ಅಡಿಕೆ ಧಾರಣೆ ಕೆ.ಜಿ.ಗೆ
ಹಳೆ ಅಡಿಕೆ	280 - 485
ಹೊಸ ಅಡಿಕೆ	265 - 525
ಡಬಲ್ ಚೋಲ್	275 - 555
ಕೋಕಾ	340 - 370
ಪಟೋರ	320 - 360
ಉಳ್ಳಿಗಡ್ಡೆ	100 - 240
ಕರಿಗೋಟು	100 - 240
ಕರಿ	90 - 240
ಚಾಲಿ	290 - 305
ಬೆಟ್ಟೆ	100 - 140
ಹಸಿ ಅಡಿಕೆ	100 - 130
ತೆಂಗಿನಕಾಯಿ	90 - 140
ಕೊಬ್ಬರಿ	100 - 150
ಕಾಳುಮೆಣಸು	420 - 450
ಕೊಕ್ಕೋ ಧಾರಣೆ
ಹಸಿ ಕೊಕ್ಕೋ	310 - 650
ರಬ್ಬರ್ ಧಾರಣೆ
ಆರ್‌ಎಸ್‌ಎಸ್ 4	197.00
ಆರ್‌ಎಸ್‌ಎಸ್ 5	179.50
ಲಾಟ್	162.00
ಸ್ಕ್ರಾಪ್ 1	124.00
ಸ್ಕ್ರಾಪ್ 2	114.00
